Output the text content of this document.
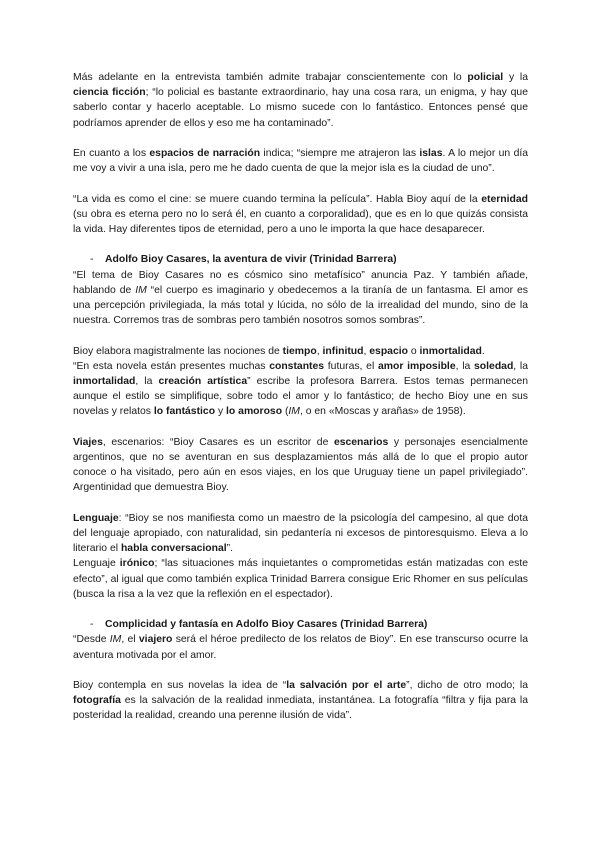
Más adelante en la entrevista también admite trabajar conscientemente con lo policial y la ciencia ficción; “lo policial es bastante extraordinario, hay una cosa rara, un enigma, y hay que saberlo contar y hacerlo aceptable. Lo mismo sucede con lo fantástico. Entonces pensé que podríamos aprender de ellos y eso me ha contaminado”.

En cuanto a los espacios de narración indica; “siempre me atrajeron las islas. A lo mejor un día me voy a vivir a una isla, pero me he dado cuenta de que la mejor isla es la ciudad de uno”.

“La vida es como el cine: se muere cuando termina la película”. Habla Bioy aquí de la eternidad (su obra es eterna pero no lo será él, en cuanto a corporalidad), que es en lo que quizás consista la vida. Hay diferentes tipos de eternidad, pero a uno le importa la que hace desaparecer.

- Adolfo Bioy Casares, la aventura de vivir (Trinidad Barrera)

“El tema de Bioy Casares no es cósmico sino metafísico” anuncia Paz. Y también añade, hablando de IM “el cuerpo es imaginario y obedecemos a la tiranía de un fantasma. El amor es una percepción privilegiada, la más total y lúcida, no sólo de la irrealidad del mundo, sino de la nuestra. Corremos tras de sombras pero también nosotros somos sombras”.

Bioy elabora magistralmente las nociones de tiempo, infinitud, espacio o inmortalidad.

“En esta novela están presentes muchas constantes futuras, el amor imposible, la soledad, la inmortalidad, la creación artística” escribe la profesora Barrera. Estos temas permanecen aunque el estilo se simplifique, sobre todo el amor y lo fantástico; de hecho Bioy une en sus novelas y relatos lo fantástico y lo amoroso (IM, o en «Moscas y arañas» de 1958).

Viajes, escenarios: “Bioy Casares es un escritor de escenarios y personajes esencialmente argentinos, que no se aventuran en sus desplazamientos más allá de lo que el propio autor conoce o ha visitado, pero aún en esos viajes, en los que Uruguay tiene un papel privilegiado”. Argentinidad que demuestra Bioy.

Lenguaje: “Bioy se nos manifiesta como un maestro de la psicología del campesino, al que dota del lenguaje apropiado, con naturalidad, sin pedantería ni excesos de pintoresquismo. Eleva a lo literario el habla conversacional”.

Lenguaje irónico; “las situaciones más inquietantes o comprometidas están matizadas con este efecto”, al igual que como también explica Trinidad Barrera consigue Eric Rhomer en sus películas (busca la risa a la vez que la reflexión en el espectador).

- Complicidad y fantasía en Adolfo Bioy Casares (Trinidad Barrera)

“Desde IM, el viajero será el héroe predilecto de los relatos de Bioy”. En ese transcurso ocurre la aventura motivada por el amor.

Bioy contempla en sus novelas la idea de “la salvación por el arte”, dicho de otro modo; la fotografía es la salvación de la realidad inmediata, instantánea. La fotografía “filtra y fija para la posteridad la realidad, creando una perenne ilusión de vida”.
